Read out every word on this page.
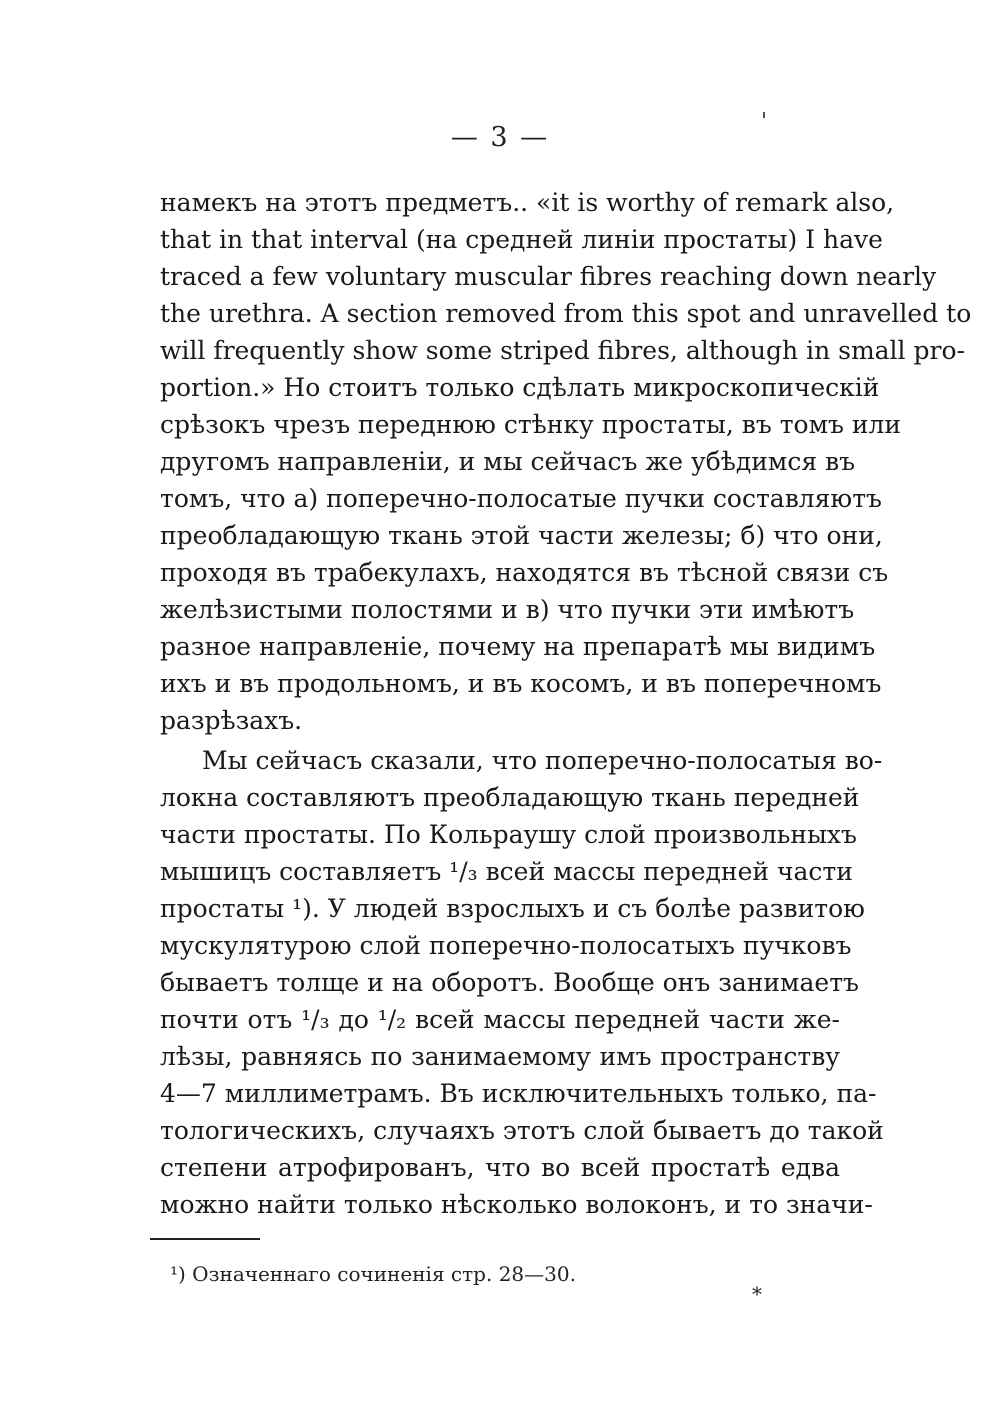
— 3 —
намекъ на этотъ предметъ.. «it is worthy of remark also,
that in that interval (на средней линіи простаты) I have
traced a few voluntary muscular fibres reaching down nearly
the urethra. A section removed from this spot and unravelled to
will frequently show some striped fibres, although in small pro-
portion.» Но стоитъ только сдѣлать микроскопическій
срѣзокъ чрезъ переднюю стѣнку простаты, въ томъ или
другомъ направленіи, и мы сейчасъ же убѣдимся въ
томъ, что a) поперечно-полосатые пучки составляютъ
преобладающую ткань этой части железы; б) что они,
проходя въ трабекулахъ, находятся въ тѣсной связи съ
желѣзистыми полостями и в) что пучки эти имѣютъ
разное направленіе, почему на препаратѣ мы видимъ
ихъ и въ продольномъ, и въ косомъ, и въ поперечномъ
разрѣзахъ.
Мы сейчасъ сказали, что поперечно-полосатыя во-
локна составляютъ преобладающую ткань передней
части простаты. По Кольраушу слой произвольныхъ
мышицъ составляетъ ¹/₃ всей массы передней части
простаты ¹). У людей взрослыхъ и съ болѣе развитою
мускулятурою слой поперечно-полосатыхъ пучковъ
бываетъ толще и на оборотъ. Вообще онъ занимаетъ
почти отъ ¹/₃ до ¹/₂ всей массы передней части же-
лѣзы, равняясь по занимаемому имъ пространству
4—7 миллиметрамъ. Въ исключительныхъ только, па-
тологическихъ, случаяхъ этотъ слой бываетъ до такой
степени атрофированъ, что во всей простатѣ едва
можно найти только нѣсколько волоконъ, и то значи-
¹) Означеннаго сочиненія стр. 28—30.
*
